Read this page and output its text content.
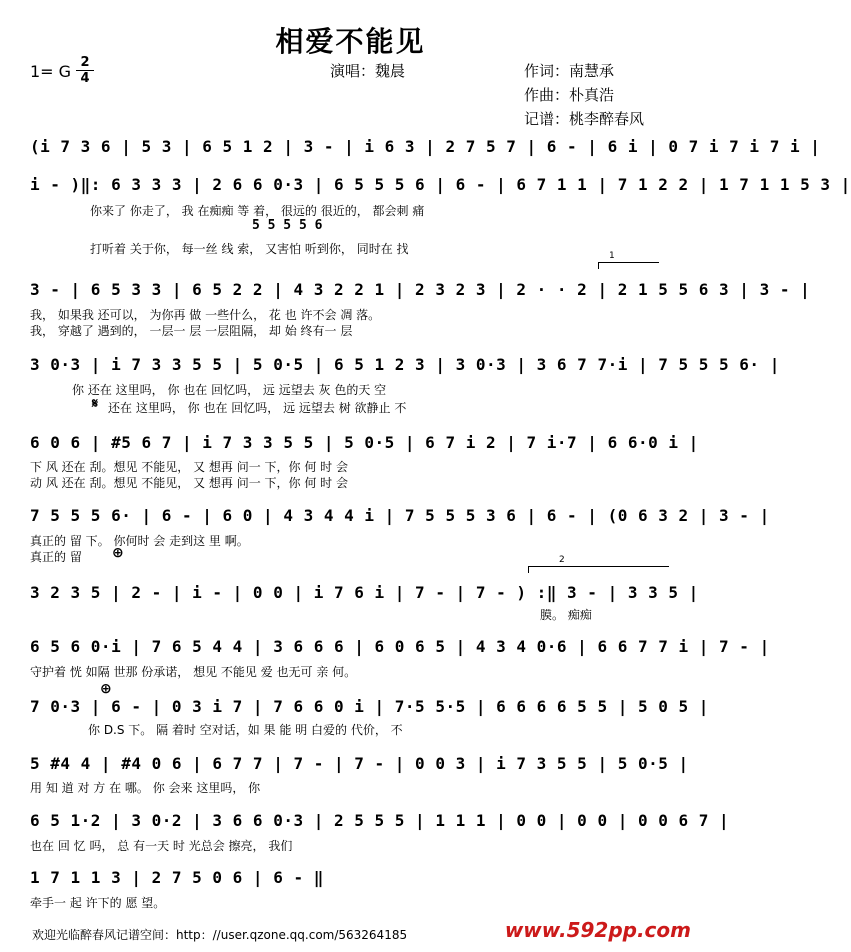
相爱不能见
1= G 2
4	演唱：魏晨	作词：南慧承
作曲：朴真浩
记谱：桃李醉春风
(i 7 3 6 | 5 3 | 6 5 1 2 | 3 - | i 6 3 | 2 7 5 7 | 6 - | 6 i | 0 7 i 7 i 7 i |
i - )‖: 6 3 3 3 | 2 6 6 0·3 | 6 5 5 5 6 | 6 - | 6 7 1 1 | 7 1 2 2 | 1 7 1 1 5 3 |
你来了 你走了， 我 在痴痴 等 着， 很远的 很近的， 都会刺 痛
5 5 5 5 6
打听着 关于你， 每一丝 线 索， 又害怕 听到你， 同时在 找	1
3 - | 6 5 3 3 | 6 5 2 2 | 4 3 2 2 1 | 2 3 2 3 | 2 · · 2 | 2 1 5 5 6 3 | 3 - |
我， 如果我 还可以， 为你再 做 一些什么， 花 也 许不会 凋 落。
我， 穿越了 遇到的， 一层一 层 一层阻隔， 却 始 终有一 层
3 0·3 | i 7 3 3 5 5 | 5 0·5 | 6 5 1 2 3 | 3 0·3 | 3 6 7 7·i | 7 5 5 5 6· |
你 还在 这里吗， 你 也在 回忆吗， 远 远望去 灰 色的天 空
𝄋 还在 这里吗， 你 也在 回忆吗， 远 远望去 树 欲静止 不
6 0 6 | #5 6 7 | i 7 3 3 5 5 | 5 0·5 | 6 7 i 2 | 7 i·7 | 6 6·0 i |
下 风 还在 刮。想见 不能见， 又 想再 问一 下，你 何 时 会
动 风 还在 刮。想见 不能见， 又 想再 问一 下，你 何 时 会
7 5 5 5 6· | 6 - | 6 0 | 4 3 4 4 i | 7 5 5 5 3 6 | 6 - | (0 6 3 2 | 3 - |
真正的 留 下。 你何时 会 走到这 里 啊。
真正的 留 ⊕	2
3 2 3 5 | 2 - | i - | 0 0 | i 7 6 i | 7 - | 7 - ) :‖ 3 - | 3 3 5 |
膜。 痴痴
6 5 6 0·i | 7 6 5 4 4 | 3 6 6 6 | 6 0 6 5 | 4 3 4 0·6 | 6 6 7 7 i | 7 - |
守护着 恍 如隔 世那 份承诺， 想见 不能见 爱 也无可 亲 何。
⊕
7 0·3 | 6 - | 0 3 i 7 | 7 6 6 0 i | 7·5 5·5 | 6 6 6 6 5 5 | 5 0 5 |
你 D.S 下。 隔 着时 空对话，如 果 能 明 白爱的 代价， 不
5 #4 4 | #4 0 6 | 6 7 7 | 7 - | 7 - | 0 0 3 | i 7 3 5 5 | 5 0·5 |
用 知 道 对 方 在 哪。 你 会来 这里吗， 你
6 5 1·2 | 3 0·2 | 3 6 6 0·3 | 2 5 5 5 | 1 1 1 | 0 0 | 0 0 | 0 0 6 7 |
也在 回 忆 吗， 总 有一天 时 光总会 擦亮， 我们
1 7 1 1 3 | 2 7 5 0 6 | 6 - ‖
牵手一 起 许下的 愿 望。
欢迎光临醉春风记谱空间：http：//user.qzone.qq.com/563264185	www.592pp.com
